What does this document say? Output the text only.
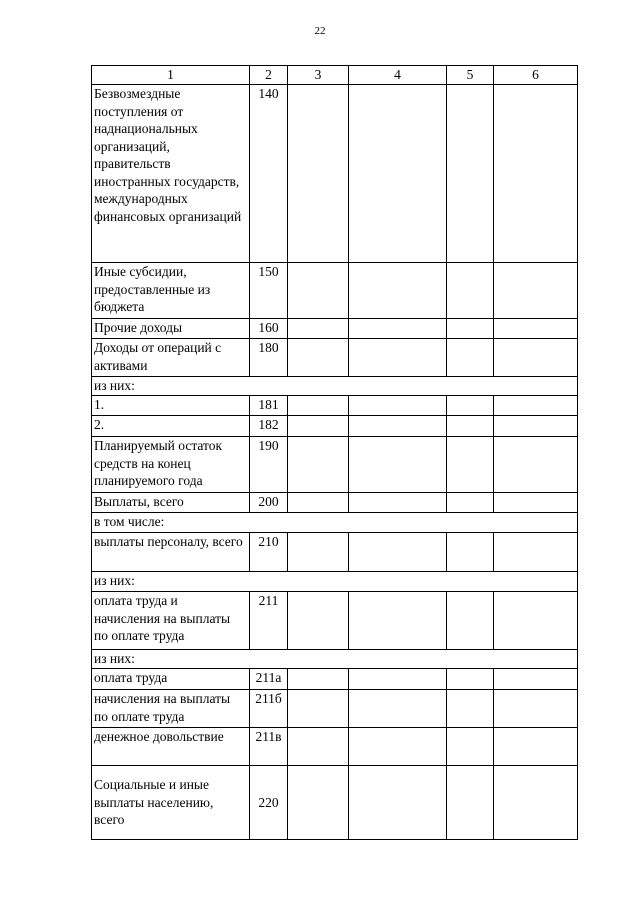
22
1	2	3	4	5	6
Безвозмездные поступления от наднациональных организаций, правительств иностранных государств, международных финансовых организаций	140				
Иные субсидии, предоставленные из бюджета	150				
Прочие доходы	160				
Доходы от операций с активами	180				
из них:					
1.	181				
2.	182				
Планируемый остаток средств на конец планируемого года	190				
Выплаты, всего	200				
в том числе:					
выплаты персоналу, всего	210				
из них:					
оплата труда и начисления на выплаты по оплате труда	211				
из них:					
оплата труда	211а				
начисления на выплаты по оплате труда	211б				
денежное довольствие	211в				
Социальные и иные выплаты населению, всего	220				
